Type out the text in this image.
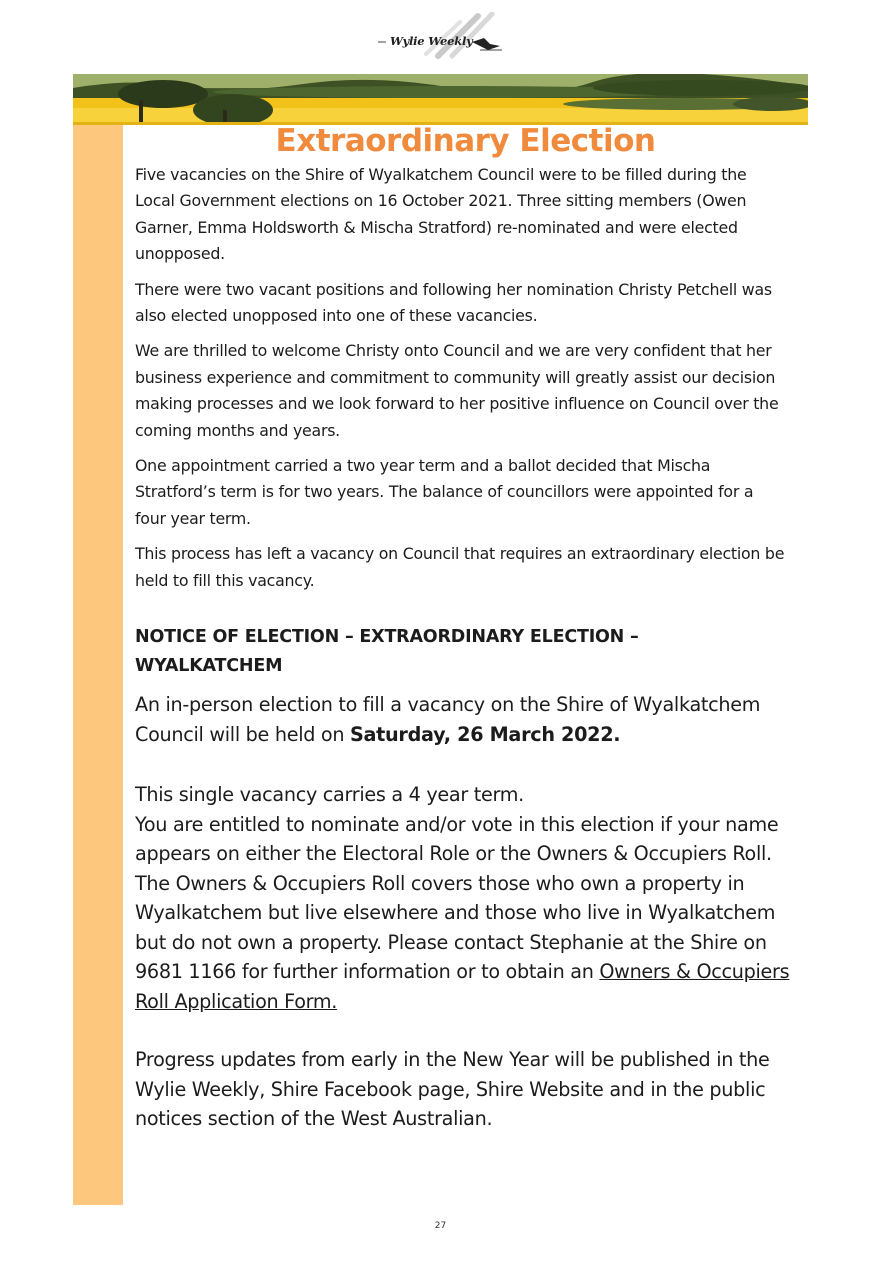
Wylie Weekly
Extraordinary Election

Five vacancies on the Shire of Wyalkatchem Council were to be filled during the Local Government elections on 16 October 2021. Three sitting members (Owen Garner, Emma Holdsworth & Mischa Stratford) re-nominated and were elected unopposed.

There were two vacant positions and following her nomination Christy Petchell was also elected unopposed into one of these vacancies.

We are thrilled to welcome Christy onto Council and we are very confident that her business experience and commitment to community will greatly assist our decision making processes and we look forward to her positive influence on Council over the coming months and years.

One appointment carried a two year term and a ballot decided that Mischa Stratford’s term is for two years. The balance of councillors were appointed for a four year term.

This process has left a vacancy on Council that requires an extraordinary election be held to fill this vacancy.

NOTICE OF ELECTION – EXTRAORDINARY ELECTION – WYALKATCHEM

An in-person election to fill a vacancy on the Shire of Wyalkatchem Council will be held on Saturday, 26 March 2022.

This single vacancy carries a 4 year term.
You are entitled to nominate and/or vote in this election if your name appears on either the Electoral Role or the Owners & Occupiers Roll. The Owners & Occupiers Roll covers those who own a property in Wyalkatchem but live elsewhere and those who live in Wyalkatchem but do not own a property. Please contact Stephanie at the Shire on 9681 1166 for further information or to obtain an Owners & Occupiers Roll Application Form.

Progress updates from early in the New Year will be published in the Wylie Weekly, Shire Facebook page, Shire Website and in the public notices section of the West Australian.

27
